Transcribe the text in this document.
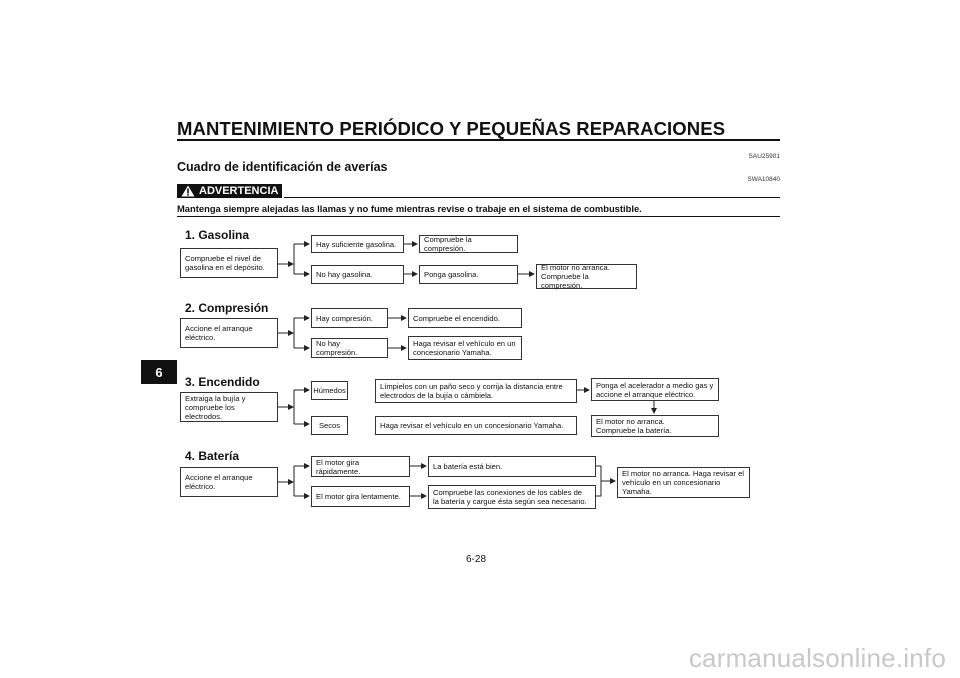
MANTENIMIENTO PERIÓDICO Y PEQUEÑAS REPARACIONES
SAU25901
Cuadro de identificación de averías
SWA10840
ADVERTENCIA
Mantenga siempre alejadas las llamas y no fume mientras revise o trabaje en el sistema de combustible.
6
1. Gasolina
Compruebe el nivel de
gasolina en el depósito.
Hay suficiente gasolina.	Compruebe la compresión.
No hay gasolina.	Ponga gasolina.
El motor no arranca.
Compruebe la compresión.
2. Compresión
Accione el arranque
eléctrico.
Hay compresión.	Compruebe el encendido.
No hay compresión.
Haga revisar el vehículo en un
concesionario Yamaha.
3. Encendido
Extraiga la bujía y
compruebe los electrodos.
Húmedos	Límpielos con un paño seco y corrija la distancia entre
electrodos de la bujía o cámbiela.
Ponga el acelerador a medio gas y
accione el arranque eléctrico.
Secos	Haga revisar el vehículo en un concesionario Yamaha.	El motor no arranca.
Compruebe la batería.
4. Batería
Accione el arranque
eléctrico.
El motor gira rápidamente.	La batería está bien.
El motor gira lentamente.	Compruebe las conexiones de los cables de
la batería y cargue ésta según sea necesario.
El motor no arranca. Haga revisar el
vehículo en un concesionario
Yamaha.
6-28
carmanualsonline.info
